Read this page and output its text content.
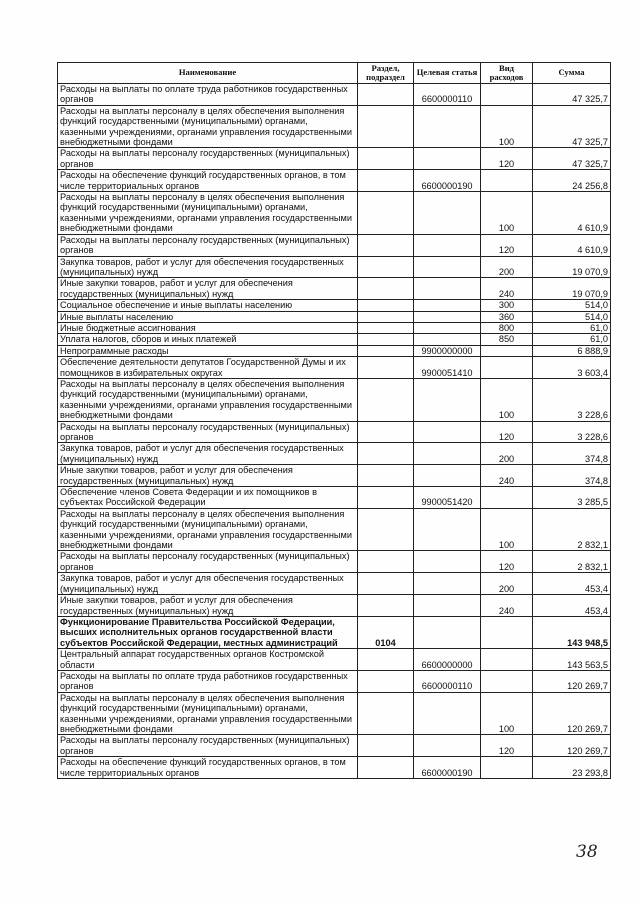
Наименование	Раздел, подраздел	Целевая статья	Вид расходов	Сумма
Расходы на выплаты по оплате труда работников государственных органов		6600000110		47 325,7
Расходы на выплаты персоналу в целях обеспечения выполнения функций государственными (муниципальными) органами, казенными учреждениями, органами управления государственными внебюджетными фондами			100	47 325,7
Расходы на выплаты персоналу государственных (муниципальных) органов			120	47 325,7
Расходы на обеспечение функций государственных органов, в том числе территориальных органов		6600000190		24 256,8
Расходы на выплаты персоналу в целях обеспечения выполнения функций государственными (муниципальными) органами, казенными учреждениями, органами управления государственными внебюджетными фондами			100	4 610,9
Расходы на выплаты персоналу государственных (муниципальных) органов			120	4 610,9
Закупка товаров, работ и услуг для обеспечения государственных (муниципальных) нужд			200	19 070,9
Иные закупки товаров, работ и услуг для обеспечения государственных (муниципальных) нужд			240	19 070,9
Социальное обеспечение и иные выплаты населению			300	514,0
Иные выплаты населению			360	514,0
Иные бюджетные ассигнования			800	61,0
Уплата налогов, сборов и иных платежей			850	61,0
Непрограммные расходы		9900000000		6 888,9
Обеспечение деятельности депутатов Государственной Думы и их помощников в избирательных округах		9900051410		3 603,4
Расходы на выплаты персоналу в целях обеспечения выполнения функций государственными (муниципальными) органами, казенными учреждениями, органами управления государственными внебюджетными фондами			100	3 228,6
Расходы на выплаты персоналу государственных (муниципальных) органов			120	3 228,6
Закупка товаров, работ и услуг для обеспечения государственных (муниципальных) нужд			200	374,8
Иные закупки товаров, работ и услуг для обеспечения государственных (муниципальных) нужд			240	374,8
Обеспечение членов Совета Федерации и их помощников в субъектах Российской Федерации		9900051420		3 285,5
Расходы на выплаты персоналу в целях обеспечения выполнения функций государственными (муниципальными) органами, казенными учреждениями, органами управления государственными внебюджетными фондами			100	2 832,1
Расходы на выплаты персоналу государственных (муниципальных) органов			120	2 832,1
Закупка товаров, работ и услуг для обеспечения государственных (муниципальных) нужд			200	453,4
Иные закупки товаров, работ и услуг для обеспечения государственных (муниципальных) нужд			240	453,4
Функционирование Правительства Российской Федерации, высших исполнительных органов государственной власти субъектов Российской Федерации, местных администраций	0104			143 948,5
Центральный аппарат государственных органов Костромской области		6600000000		143 563,5
Расходы на выплаты по оплате труда работников государственных органов		6600000110		120 269,7
Расходы на выплаты персоналу в целях обеспечения выполнения функций государственными (муниципальными) органами, казенными учреждениями, органами управления государственными внебюджетными фондами			100	120 269,7
Расходы на выплаты персоналу государственных (муниципальных) органов			120	120 269,7
Расходы на обеспечение функций государственных органов, в том числе территориальных органов		6600000190		23 293,8
38
